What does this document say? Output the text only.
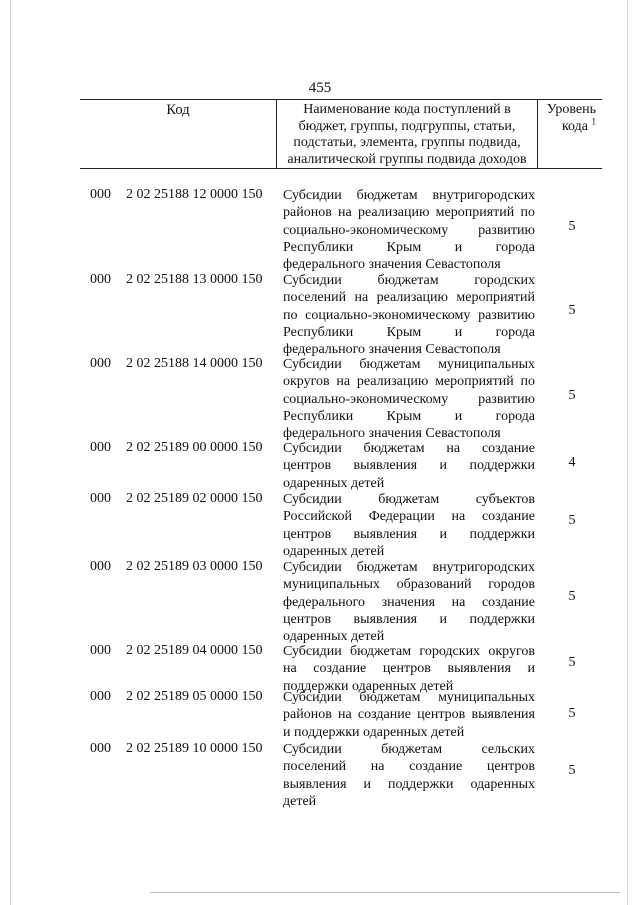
455
Код	Наименование кода поступлений в
бюджет, группы, подгруппы, статьи,
подстатьи, элемента, группы подвида,
аналитической группы подвида доходов
Уровень
кода $^1$
000 2 02 25188 12 0000 150 Субсидии бюджетам внутригородских
районов на реализацию мероприятий по
социально-экономическому развитию
Республики Крым и города
федерального значения Севастополя
5
000 2 02 25188 13 0000 150 Субсидии бюджетам городских
поселений на реализацию мероприятий
по социально-экономическому развитию
Республики Крым и города
федерального значения Севастополя
5
000 2 02 25188 14 0000 150 Субсидии бюджетам муниципальных
округов на реализацию мероприятий по
социально-экономическому развитию
Республики Крым и города
федерального значения Севастополя
5
000 2 02 25189 00 0000 150 Субсидии бюджетам на создание
центров выявления и поддержки
одаренных детей
4
000 2 02 25189 02 0000 150 Субсидии бюджетам субъектов
Российской Федерации на создание
центров выявления и поддержки
одаренных детей
5
000 2 02 25189 03 0000 150 Субсидии бюджетам внутригородских
муниципальных образований городов
федерального значения на создание
центров выявления и поддержки
одаренных детей
5
000 2 02 25189 04 0000 150 Субсидии бюджетам городских округов
на создание центров выявления и
поддержки одаренных детей
5
000 2 02 25189 05 0000 150 Субсидии бюджетам муниципальных
районов на создание центров выявления
и поддержки одаренных детей
5
000 2 02 25189 10 0000 150 Субсидии бюджетам сельских
поселений на создание центров
выявления и поддержки одаренных
детей
5
